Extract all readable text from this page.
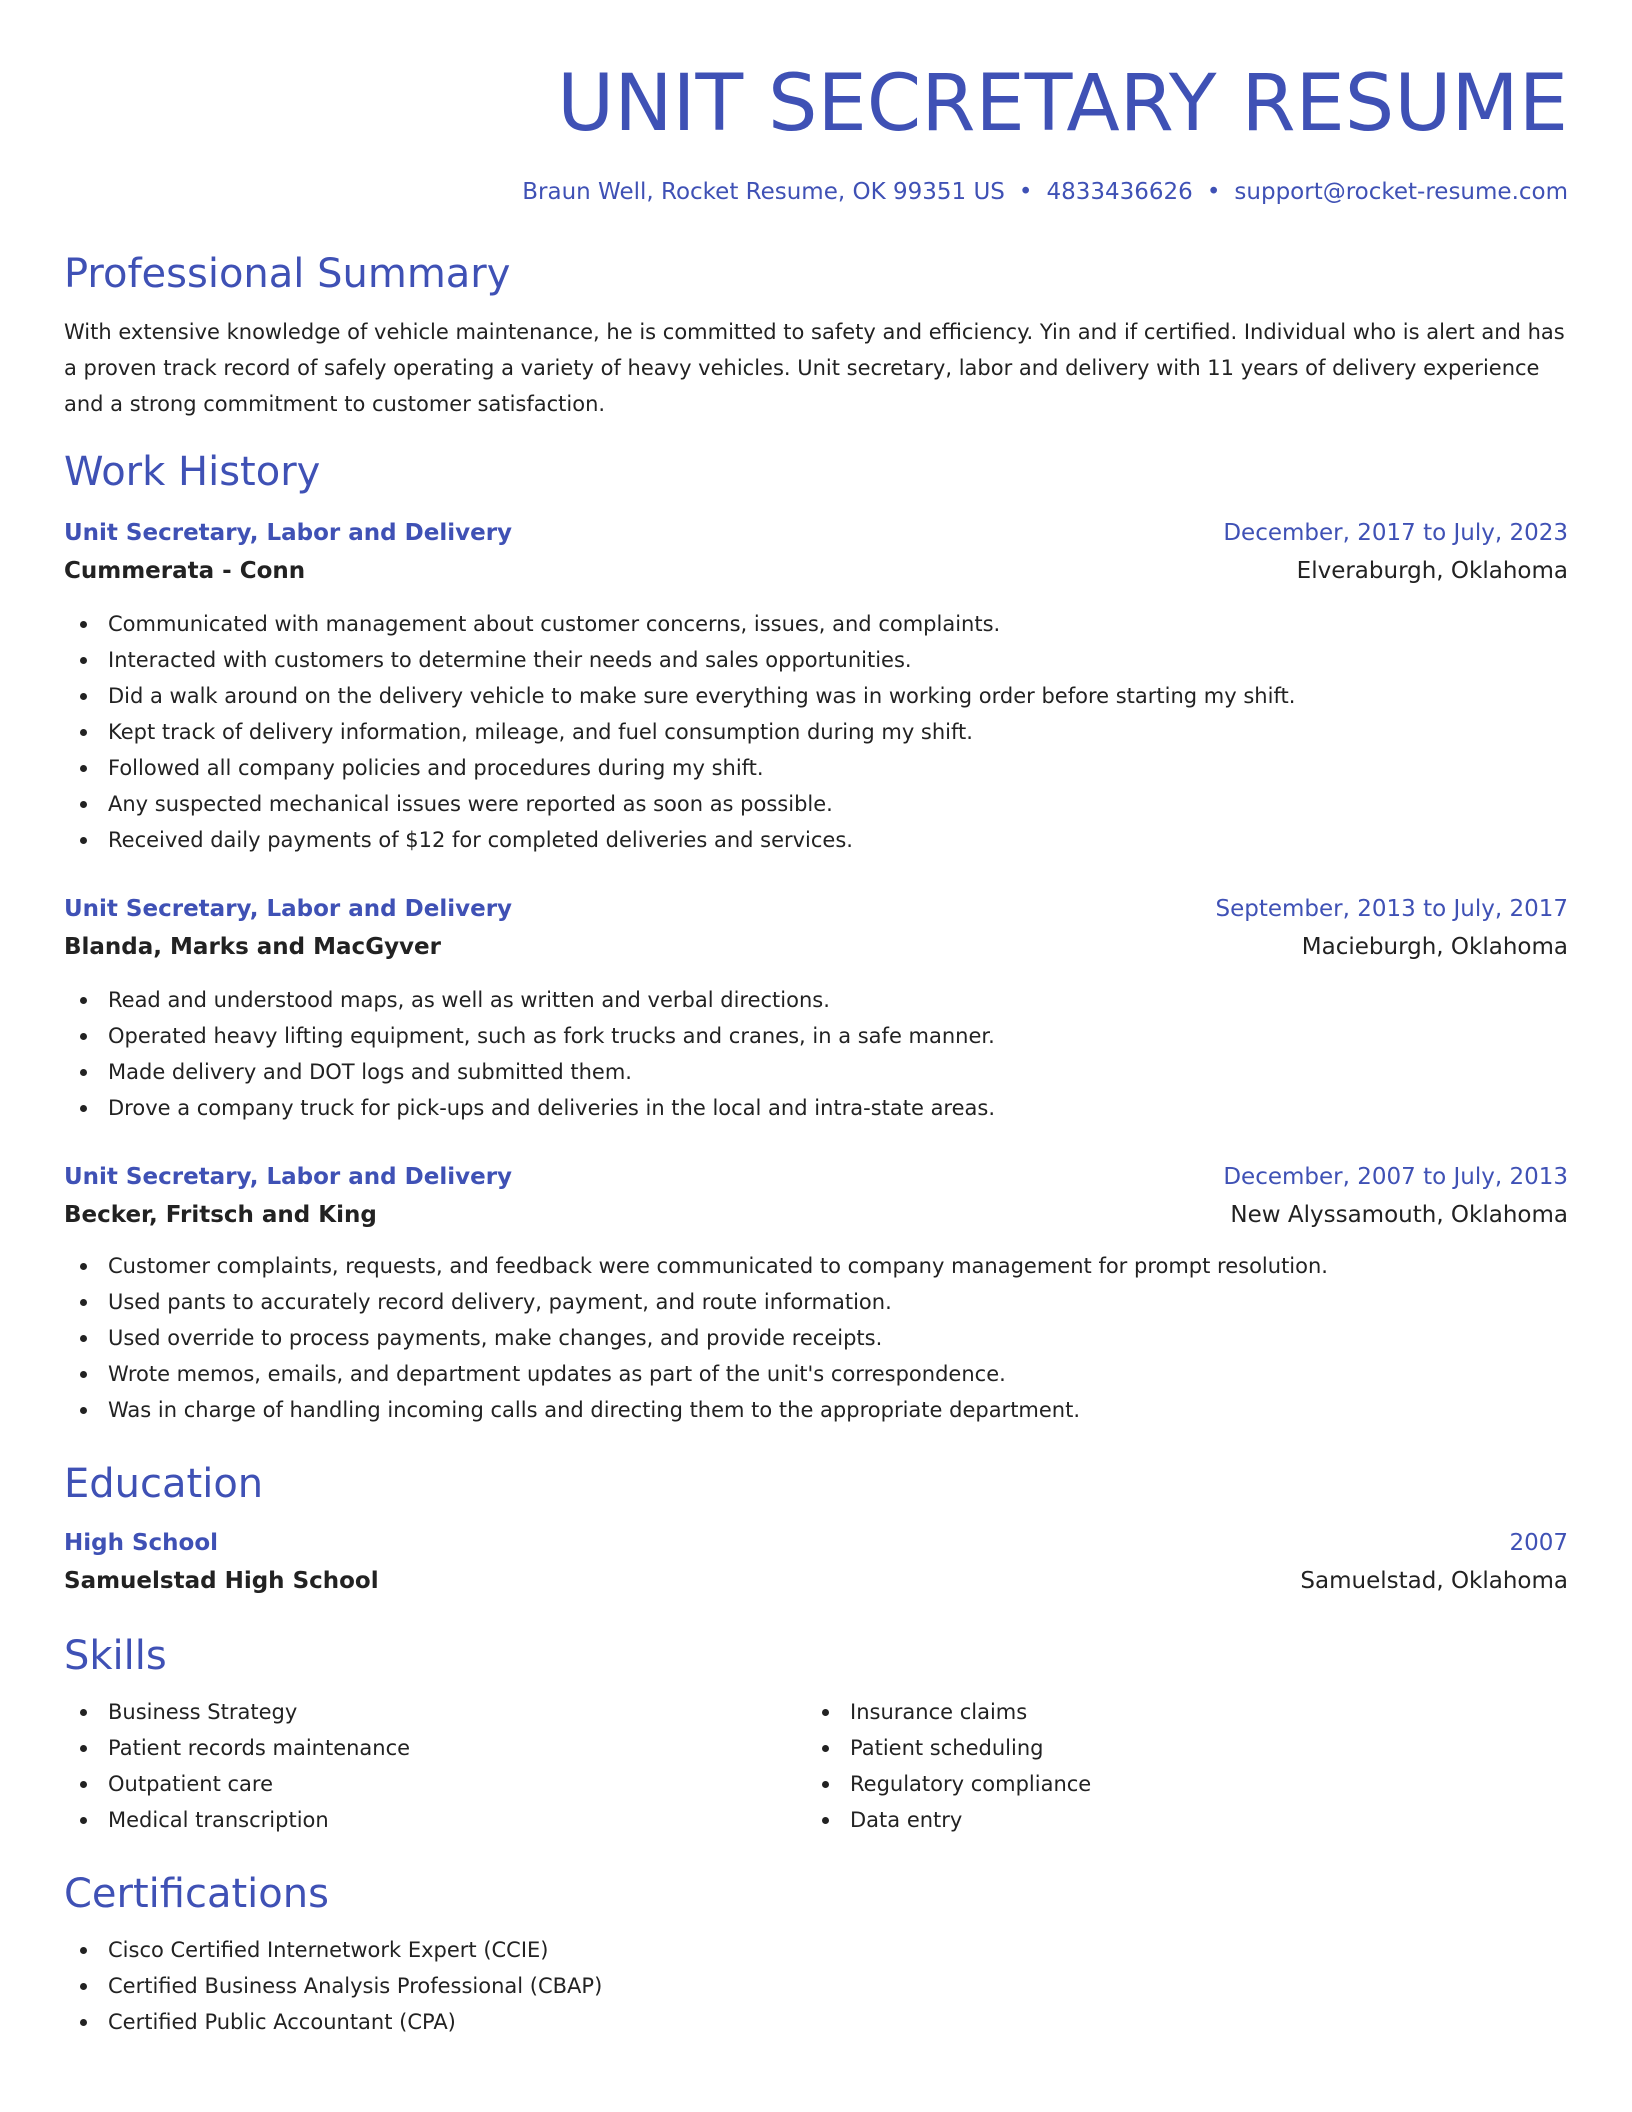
UNIT SECRETARY RESUME
Braun Well, Rocket Resume, OK 99351 US • 4833436626 • support@rocket-resume.com
Professional Summary

With extensive knowledge of vehicle maintenance, he is committed to safety and efficiency. Yin and if certified. Individual who is alert and has a proven track record of safely operating a variety of heavy vehicles. Unit secretary, labor and delivery with 11 years of delivery experience and a strong commitment to customer satisfaction.

Work History
Unit Secretary, Labor and Delivery	December, 2017 to July, 2023
Cummerata - Conn	Elveraburgh, Oklahoma
Communicated with management about customer concerns, issues, and complaints.
Interacted with customers to determine their needs and sales opportunities.
Did a walk around on the delivery vehicle to make sure everything was in working order before starting my shift.
Kept track of delivery information, mileage, and fuel consumption during my shift.
Followed all company policies and procedures during my shift.
Any suspected mechanical issues were reported as soon as possible.
Received daily payments of $12 for completed deliveries and services.
Unit Secretary, Labor and Delivery	September, 2013 to July, 2017
Blanda, Marks and MacGyver	Macieburgh, Oklahoma
Read and understood maps, as well as written and verbal directions.
Operated heavy lifting equipment, such as fork trucks and cranes, in a safe manner.
Made delivery and DOT logs and submitted them.
Drove a company truck for pick-ups and deliveries in the local and intra-state areas.
Unit Secretary, Labor and Delivery	December, 2007 to July, 2013
Becker, Fritsch and King	New Alyssamouth, Oklahoma
Customer complaints, requests, and feedback were communicated to company management for prompt resolution.
Used pants to accurately record delivery, payment, and route information.
Used override to process payments, make changes, and provide receipts.
Wrote memos, emails, and department updates as part of the unit's correspondence.
Was in charge of handling incoming calls and directing them to the appropriate department.
Education
High School	2007
Samuelstad High School	Samuelstad, Oklahoma
Skills
Business Strategy
Patient records maintenance
Outpatient care
Medical transcription
Insurance claims
Patient scheduling
Regulatory compliance
Data entry
Certifications
Cisco Certified Internetwork Expert (CCIE)
Certified Business Analysis Professional (CBAP)
Certified Public Accountant (CPA)
